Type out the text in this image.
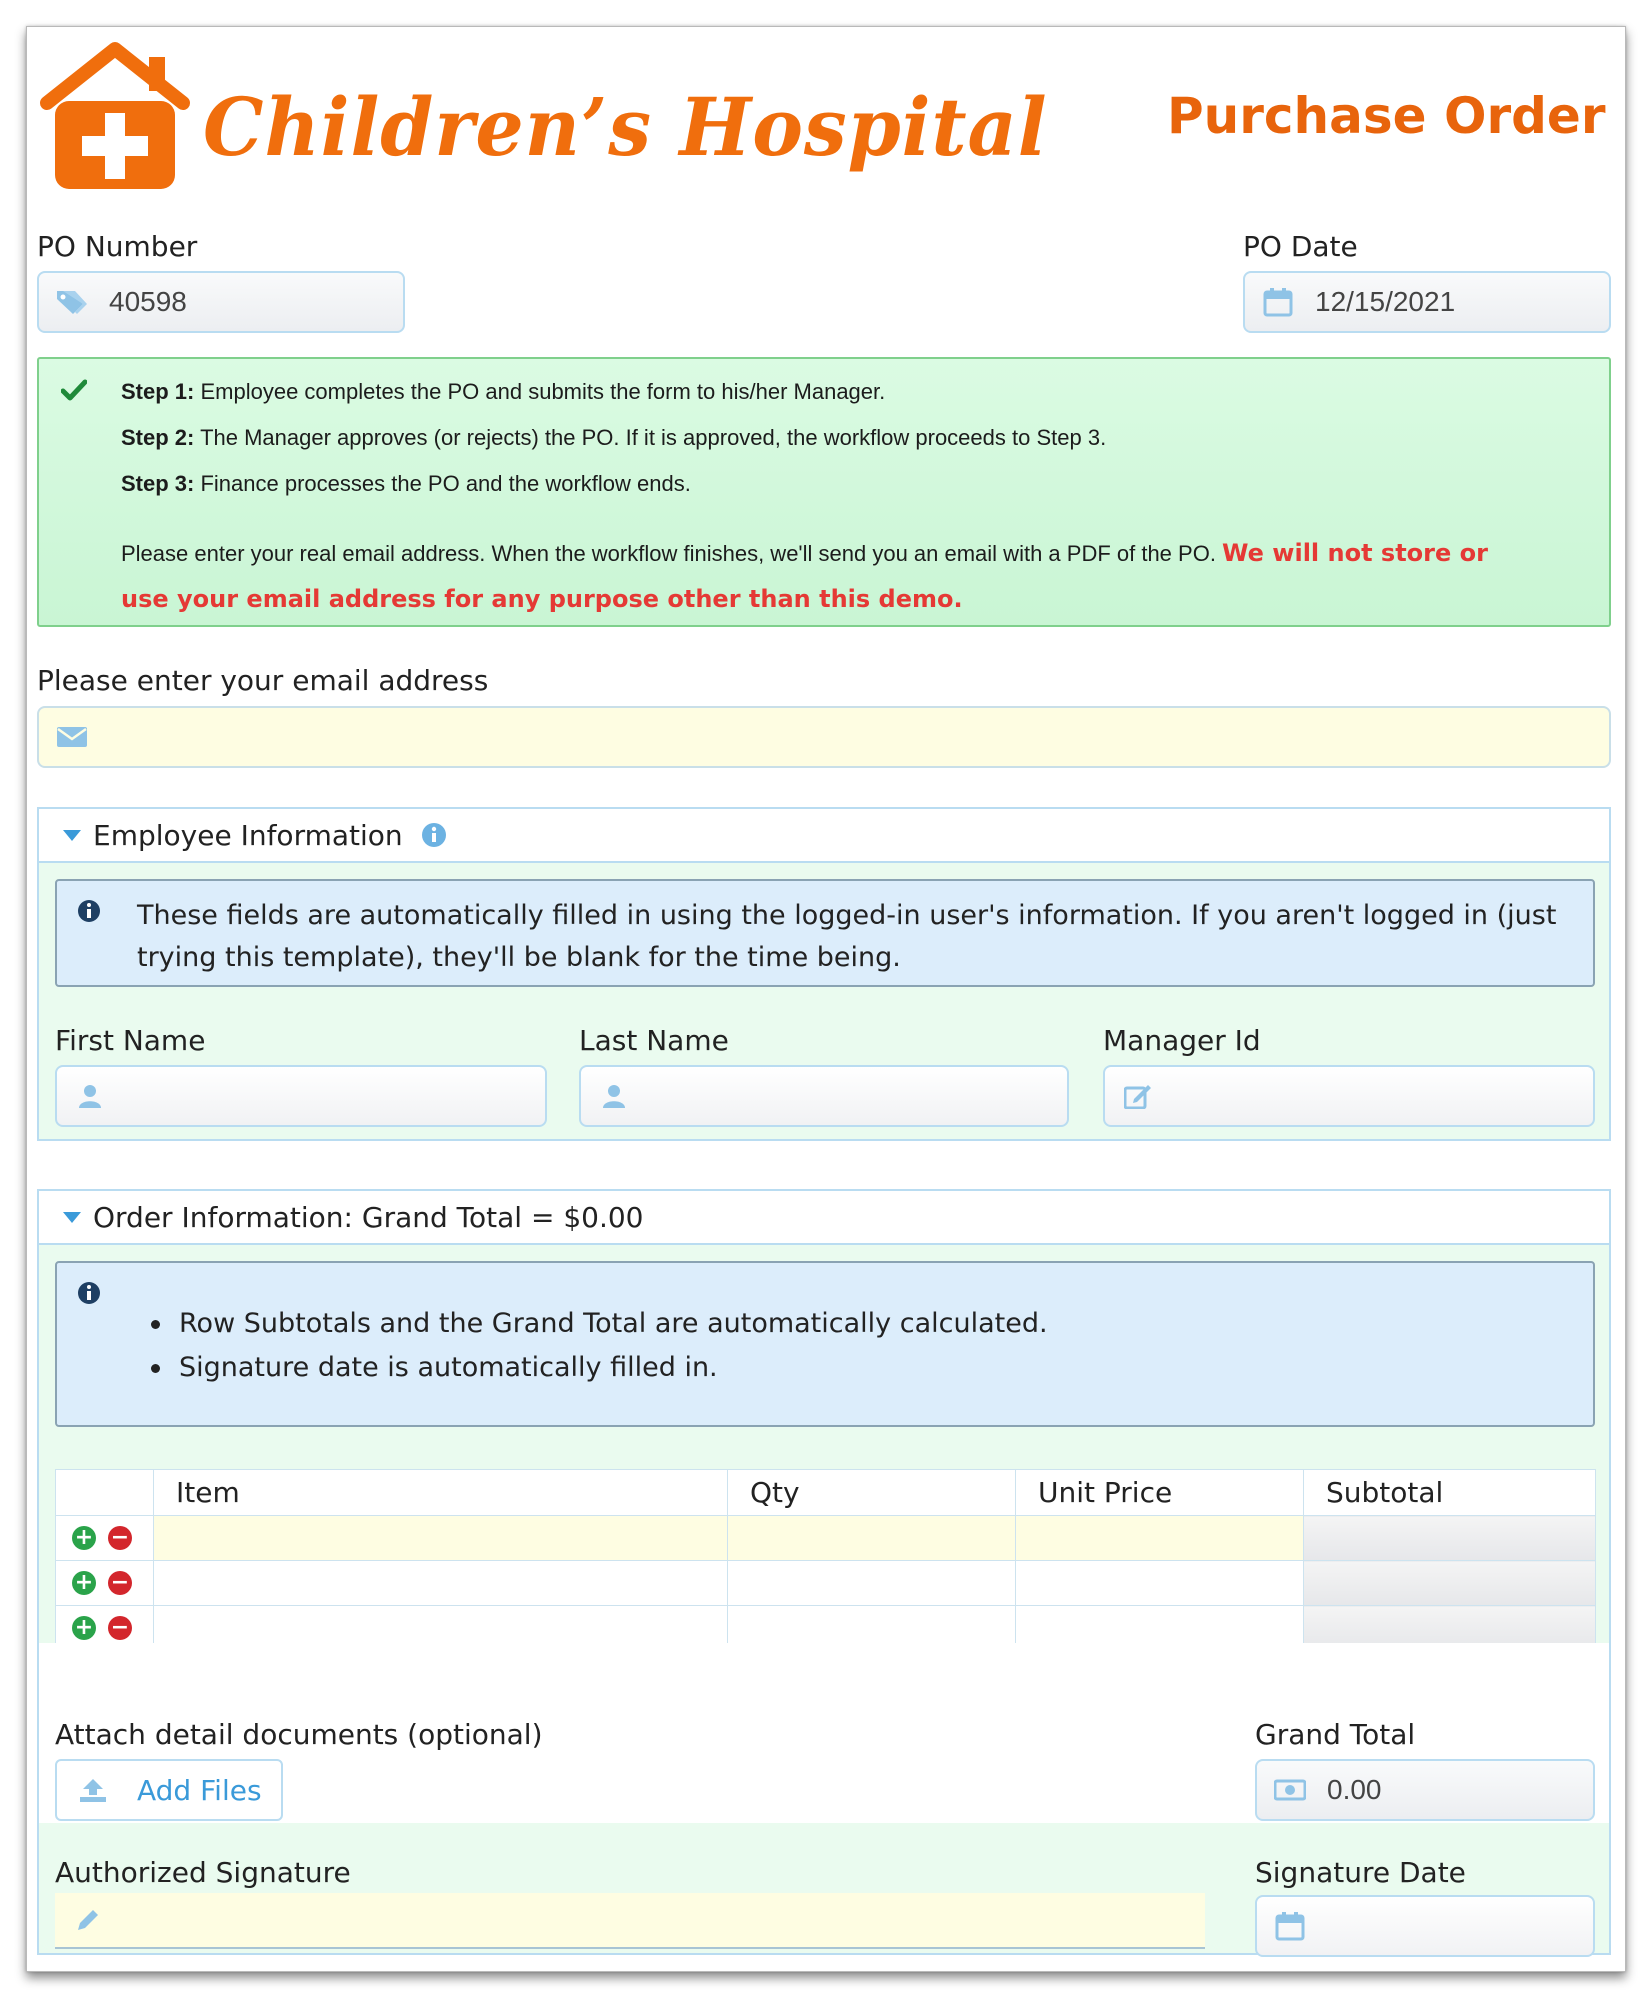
Children’s Hospital Purchase Order
PO Number
40598
PO Date
12/15/2021
Step 1: Employee completes the PO and submits the form to his/her Manager.
Step 2: The Manager approves (or rejects) the PO. If it is approved, the workflow proceeds to Step 3.
Step 3: Finance processes the PO and the workflow ends.
Please enter your real email address. When the workflow finishes, we'll send you an email with a PDF of the PO. We will not store or
use your email address for any purpose other than this demo.
Please enter your email address
Employee Information
These fields are automatically filled in using the logged-in user's information. If you aren't logged in (just
trying this template), they'll be blank for the time being.
First Name	Last Name	Manager Id
Order Information: Grand Total = $0.00
Row Subtotals and the Grand Total are automatically calculated.
Signature date is automatically filled in.
	Item	Qty	Unit Price	Subtotal
+ −				
+ −				
+ −				
Attach detail documents (optional)
Add Files
Grand Total
0.00
Authorized Signature	Signature Date
